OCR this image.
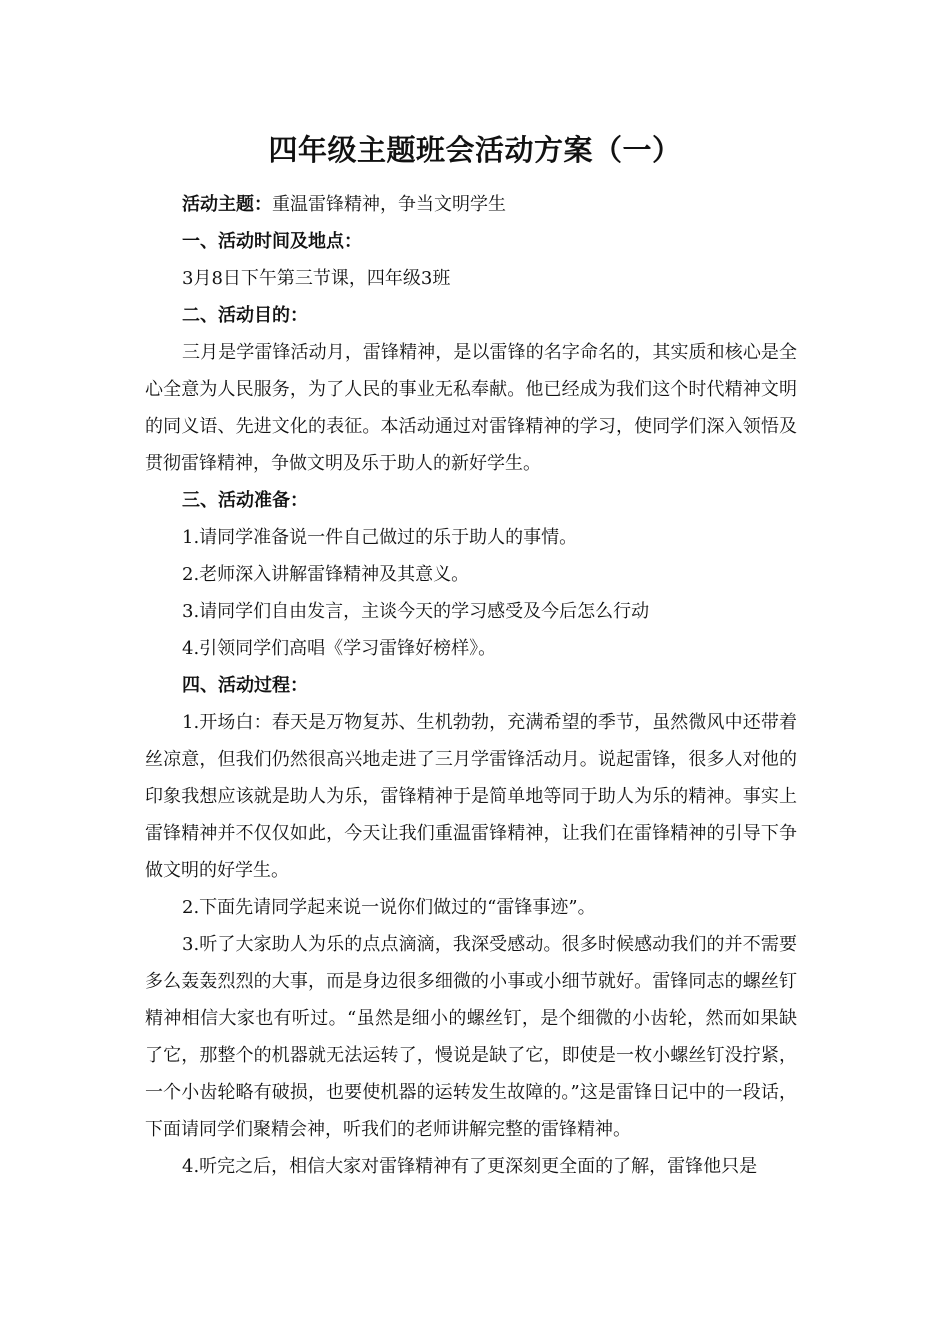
四年级主题班会活动方案（一）

活动主题：重温雷锋精神，争当文明学生

一、活动时间及地点：

3月8日下午第三节课，四年级3班

二、活动目的：

三月是学雷锋活动月，雷锋精神，是以雷锋的名字命名的，其实质和核心是全心全意为人民服务，为了人民的事业无私奉献。他已经成为我们这个时代精神文明的同义语、先进文化的表征。本活动通过对雷锋精神的学习，使同学们深入领悟及贯彻雷锋精神，争做文明及乐于助人的新好学生。

三、活动准备：

1.请同学准备说一件自己做过的乐于助人的事情。

2.老师深入讲解雷锋精神及其意义。

3.请同学们自由发言，主谈今天的学习感受及今后怎么行动

4.引领同学们高唱《学习雷锋好榜样》。

四、活动过程：

1.开场白：春天是万物复苏、生机勃勃，充满希望的季节，虽然微风中还带着丝凉意，但我们仍然很高兴地走进了三月学雷锋活动月。说起雷锋，很多人对他的印象我想应该就是助人为乐，雷锋精神于是简单地等同于助人为乐的精神。事实上雷锋精神并不仅仅如此，今天让我们重温雷锋精神，让我们在雷锋精神的引导下争做文明的好学生。

2.下面先请同学起来说一说你们做过的“雷锋事迹”。

3.听了大家助人为乐的点点滴滴，我深受感动。很多时候感动我们的并不需要多么轰轰烈烈的大事，而是身边很多细微的小事或小细节就好。雷锋同志的螺丝钉精神相信大家也有听过。“虽然是细小的螺丝钉，是个细微的小齿轮，然而如果缺了它，那整个的机器就无法运转了，慢说是缺了它，即使是一枚小螺丝钉没拧紧，一个小齿轮略有破损，也要使机器的运转发生故障的。”这是雷锋日记中的一段话，下面请同学们聚精会神，听我们的老师讲解完整的雷锋精神。

4.听完之后，相信大家对雷锋精神有了更深刻更全面的了解，雷锋他只是
